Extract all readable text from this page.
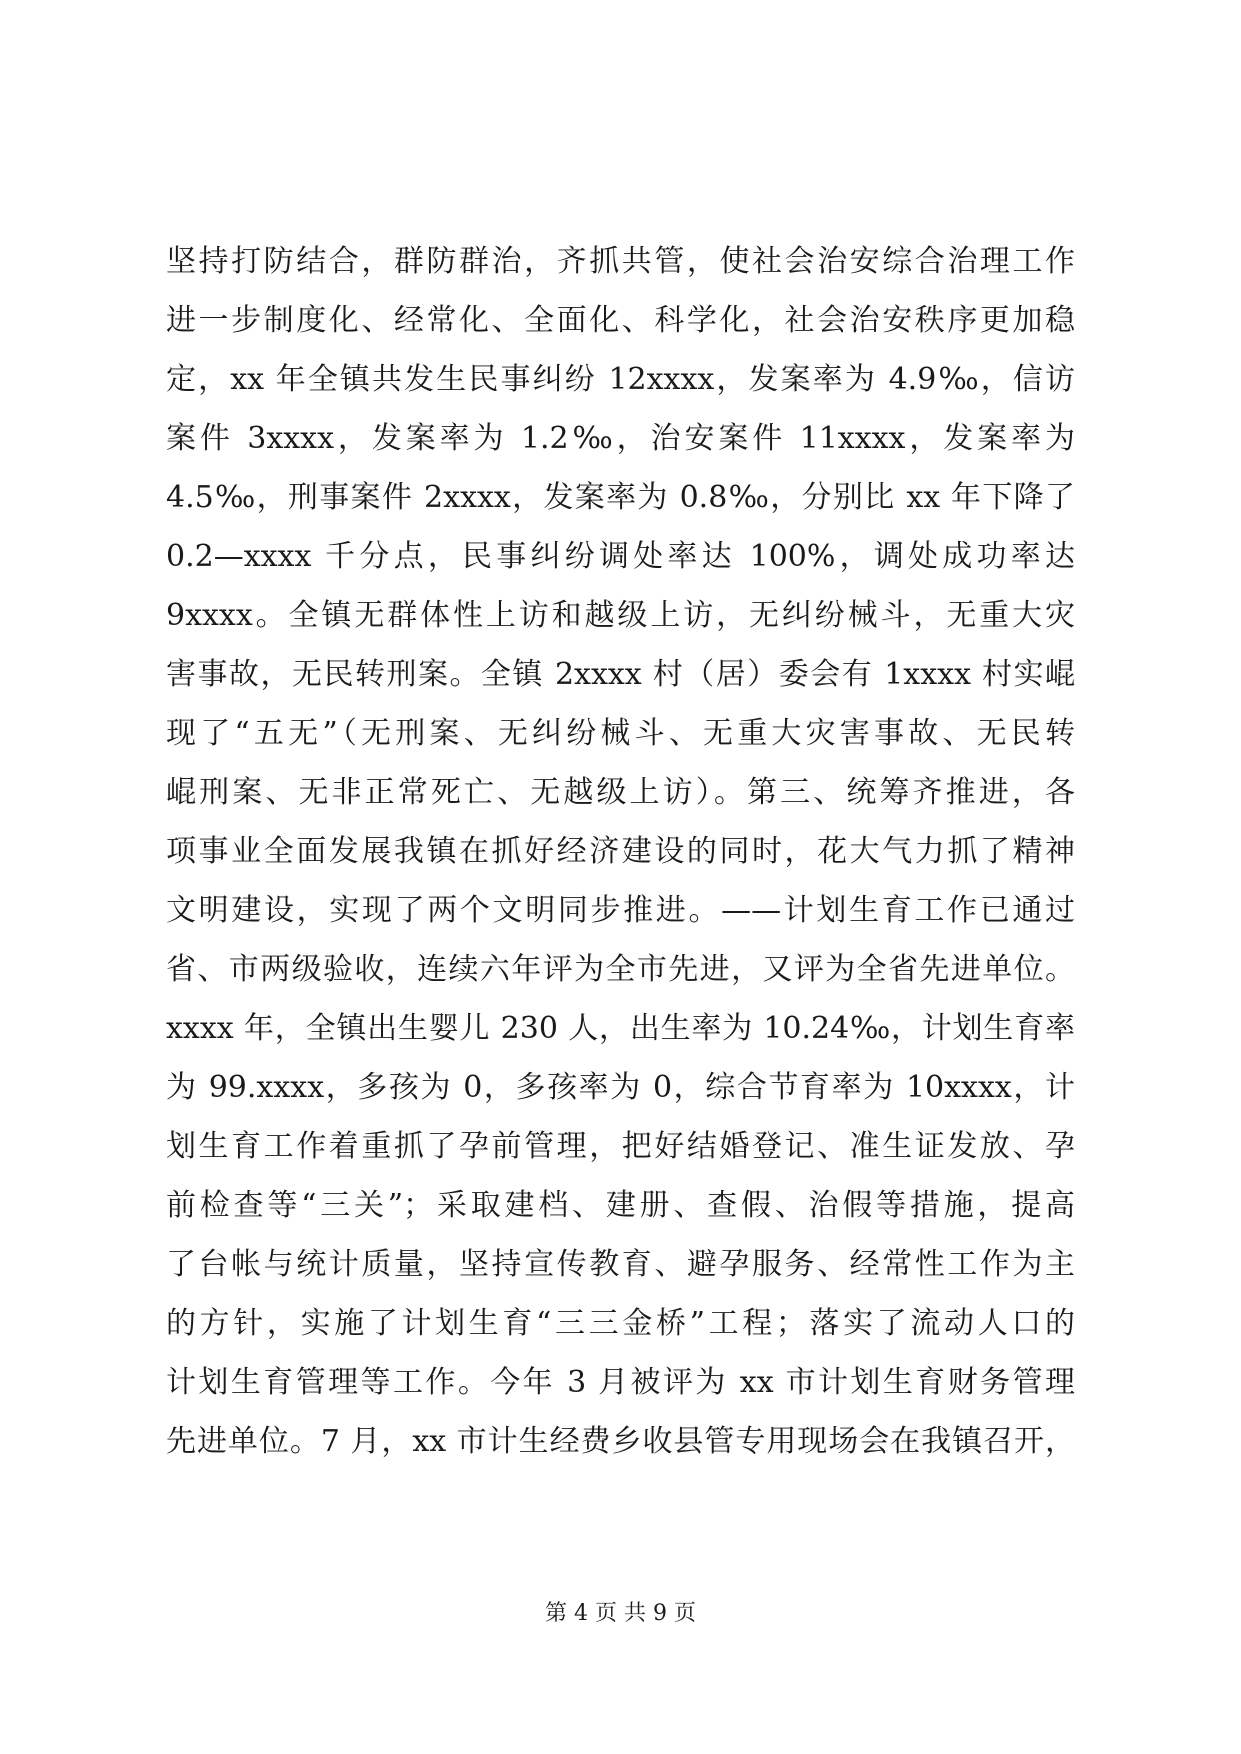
坚持打防结合，群防群治，齐抓共管，使社会治安综合治理工作
进一步制度化、经常化、全面化、科学化，社会治安秩序更加稳
定，xx 年全镇共发生民事纠纷 12xxxx，发案率为 4.9‰，信访
案件 3xxxx，发案率为 1.2‰，治安案件 11xxxx，发案率为
4.5‰，刑事案件 2xxxx，发案率为 0.8‰，分别比 xx 年下降了
0.2—xxxx 千分点，民事纠纷调处率达 100%，调处成功率达
9xxxx。全镇无群体性上访和越级上访，无纠纷械斗，无重大灾
害事故，无民转刑案。全镇 2xxxx 村（居）委会有 1xxxx 村实崐
现了“五无”（无刑案、无纠纷械斗、无重大灾害事故、无民转
崐刑案、无非正常死亡、无越级上访）。第三、统筹齐推进，各
项事业全面发展我镇在抓好经济建设的同时，花大气力抓了精神
文明建设，实现了两个文明同步推进。——计划生育工作已通过
省、市两级验收，连续六年评为全市先进，又评为全省先进单位。
xxxx 年，全镇出生婴儿 230 人，出生率为 10.24‰，计划生育率
为 99.xxxx，多孩为 0，多孩率为 0，综合节育率为 10xxxx，计
划生育工作着重抓了孕前管理，把好结婚登记、准生证发放、孕
前检查等“三关”；采取建档、建册、查假、治假等措施，提高
了台帐与统计质量，坚持宣传教育、避孕服务、经常性工作为主
的方针，实施了计划生育“三三金桥”工程；落实了流动人口的
计划生育管理等工作。今年 3 月被评为 xx 市计划生育财务管理
先进单位。7 月，xx 市计生经费乡收县管专用现场会在我镇召开，
第 4 页 共 9 页
